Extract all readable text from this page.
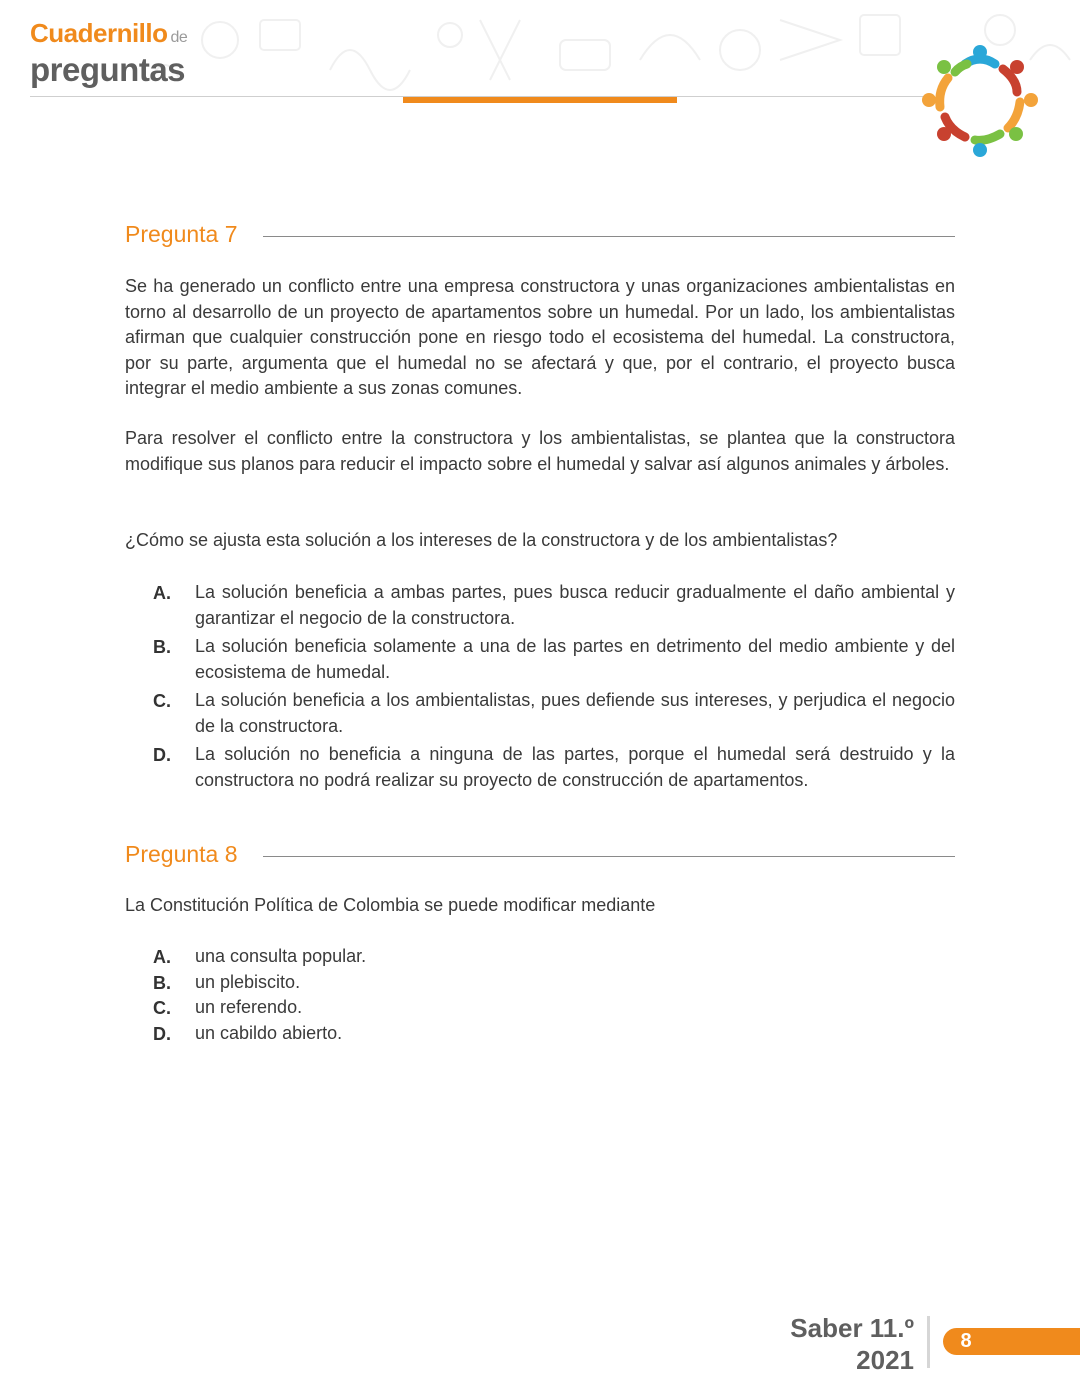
Cuadernillo de
preguntas
Pregunta 7

Se ha generado un conflicto entre una empresa constructora y unas organizaciones ambientalistas en torno al desarrollo de un proyecto de apartamentos sobre un humedal. Por un lado, los ambientalistas afirman que cualquier construcción pone en riesgo todo el ecosistema del humedal. La constructora, por su parte, argumenta que el humedal no se afectará y que, por el contrario, el proyecto busca integrar el medio ambiente a sus zonas comunes.

Para resolver el conflicto entre la constructora y los ambientalistas, se plantea que la constructora modifique sus planos para reducir el impacto sobre el humedal y salvar así algunos animales y árboles.

¿Cómo se ajusta esta solución a los intereses de la constructora y de los ambientalistas?

A. La solución beneficia a ambas partes, pues busca reducir gradualmente el daño ambiental y garantizar el negocio de la constructora.
B. La solución beneficia solamente a una de las partes en detrimento del medio ambiente y del ecosistema de humedal.
C. La solución beneficia a los ambientalistas, pues defiende sus intereses, y perjudica el negocio de la constructora.
D. La solución no beneficia a ninguna de las partes, porque el humedal será destruido y la constructora no podrá realizar su proyecto de construcción de apartamentos.
Pregunta 8

La Constitución Política de Colombia se puede modificar mediante

A. una consulta popular.
B. un plebiscito.
C. un referendo.
D. un cabildo abierto.
Saber 11.º
2021
8
